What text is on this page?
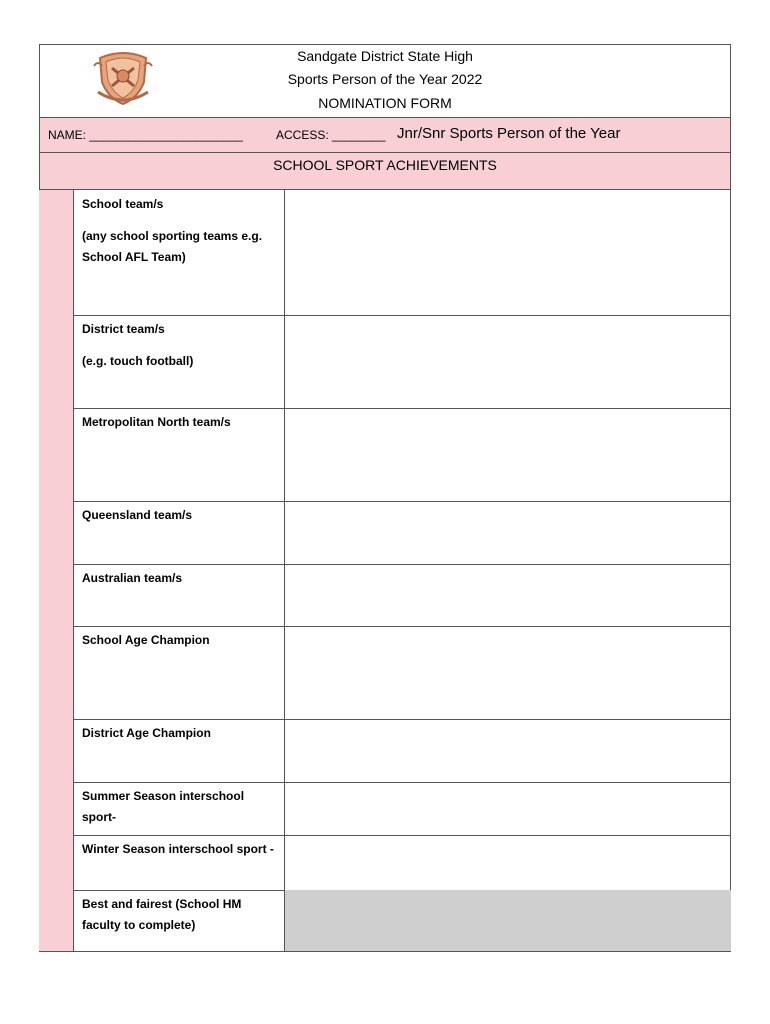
Sandgate District State High
Sports Person of the Year 2022
NOMINATION FORM
NAME: _______________________	ACCESS: ________ Jnr/Snr Sports Person of the Year
SCHOOL SPORT ACHIEVEMENTS

School team/s

(any school sporting teams e.g. School AFL Team)

District team/s

(e.g. touch football)

Metropolitan North team/s

Queensland team/s

Australian team/s

School Age Champion

District Age Champion

Summer Season interschool sport-

Winter Season interschool sport -

Best and fairest (School HM faculty to complete)
